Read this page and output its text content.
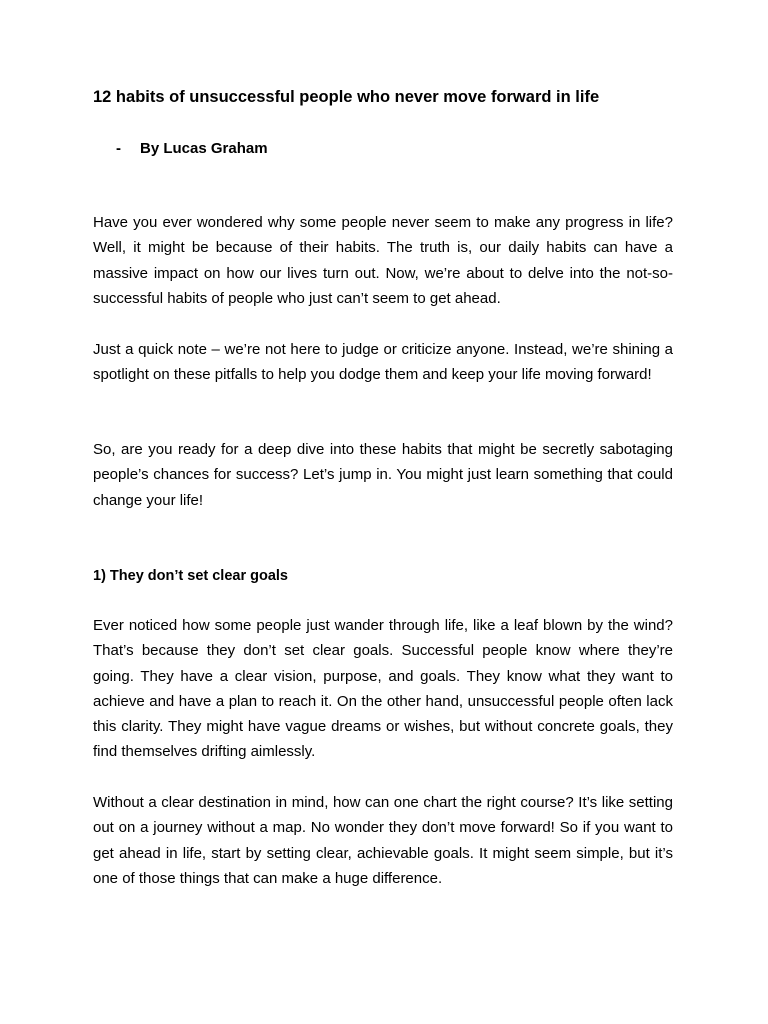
12 habits of unsuccessful people who never move forward in life

- By Lucas Graham

Have you ever wondered why some people never seem to make any progress in life? Well, it might be because of their habits. The truth is, our daily habits can have a massive impact on how our lives turn out. Now, we’re about to delve into the not-so-successful habits of people who just can’t seem to get ahead.

Just a quick note – we’re not here to judge or criticize anyone. Instead, we’re shining a spotlight on these pitfalls to help you dodge them and keep your life moving forward!

So, are you ready for a deep dive into these habits that might be secretly sabotaging people’s chances for success? Let’s jump in. You might just learn something that could change your life!

1) They don’t set clear goals

Ever noticed how some people just wander through life, like a leaf blown by the wind? That’s because they don’t set clear goals. Successful people know where they’re going. They have a clear vision, purpose, and goals. They know what they want to achieve and have a plan to reach it. On the other hand, unsuccessful people often lack this clarity. They might have vague dreams or wishes, but without concrete goals, they find themselves drifting aimlessly.

Without a clear destination in mind, how can one chart the right course? It’s like setting out on a journey without a map. No wonder they don’t move forward! So if you want to get ahead in life, start by setting clear, achievable goals. It might seem simple, but it’s one of those things that can make a huge difference.
